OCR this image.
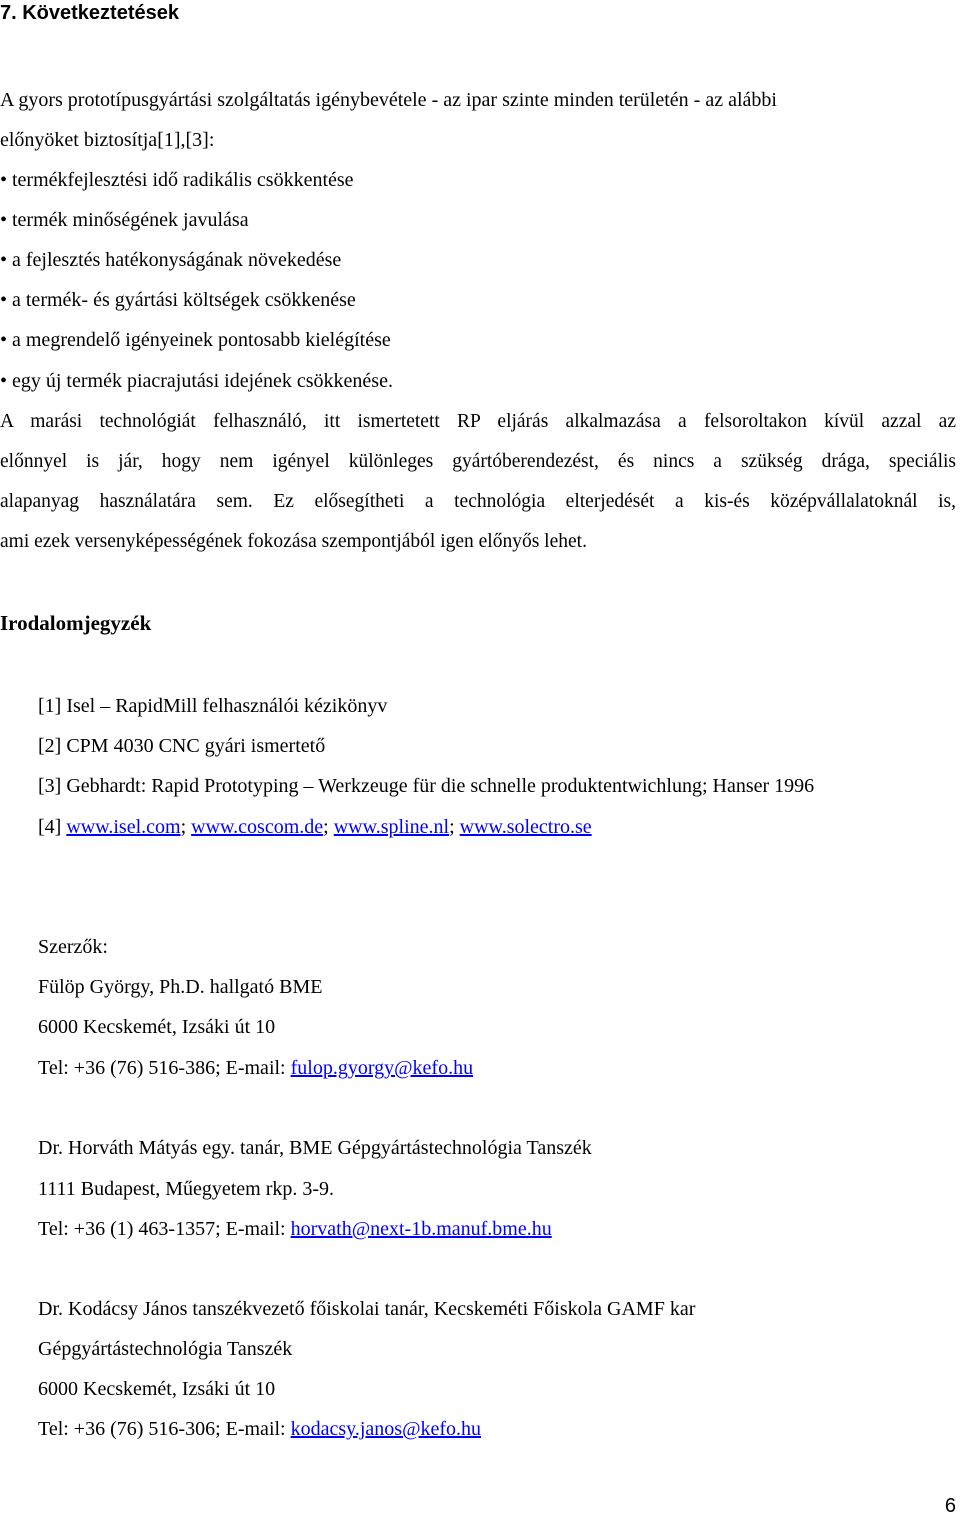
7. Következtetések
A gyors prototípusgyártási szolgáltatás igénybevétele - az ipar szinte minden területén - az alábbi
előnyöket biztosítja[1],[3]:
• termékfejlesztési idő radikális csökkentése
• termék minőségének javulása
• a fejlesztés hatékonyságának növekedése
• a termék- és gyártási költségek csökkenése
• a megrendelő igényeinek pontosabb kielégítése
• egy új termék piacrajutási idejének csökkenése.
A marási technológiát felhasználó, itt ismertetett RP eljárás alkalmazása a felsoroltakon kívül azzal az
előnnyel is jár, hogy nem igényel különleges gyártóberendezést, és nincs a szükség drága, speciális
alapanyag használatára sem. Ez elősegítheti a technológia elterjedését a kis-és középvállalatoknál is,
ami ezek versenyképességének fokozása szempontjából igen előnyős lehet.
Irodalomjegyzék
[1] Isel – RapidMill felhasználói kézikönyv
[2] CPM 4030 CNC gyári ismertető
[3] Gebhardt: Rapid Prototyping – Werkzeuge für die schnelle produktentwichlung; Hanser 1996
[4] www.isel.com; www.coscom.de; www.spline.nl; www.solectro.se
Szerzők:
Fülöp György, Ph.D. hallgató BME
6000 Kecskemét, Izsáki út 10
Tel: +36 (76) 516-386; E-mail: fulop.gyorgy@kefo.hu
Dr. Horváth Mátyás egy. tanár, BME Gépgyártástechnológia Tanszék
1111 Budapest, Műegyetem rkp. 3-9.
Tel: +36 (1) 463-1357; E-mail: horvath@next-1b.manuf.bme.hu
Dr. Kodácsy János tanszékvezető főiskolai tanár, Kecskeméti Főiskola GAMF kar
Gépgyártástechnológia Tanszék
6000 Kecskemét, Izsáki út 10
Tel: +36 (76) 516-306; E-mail: kodacsy.janos@kefo.hu
6
